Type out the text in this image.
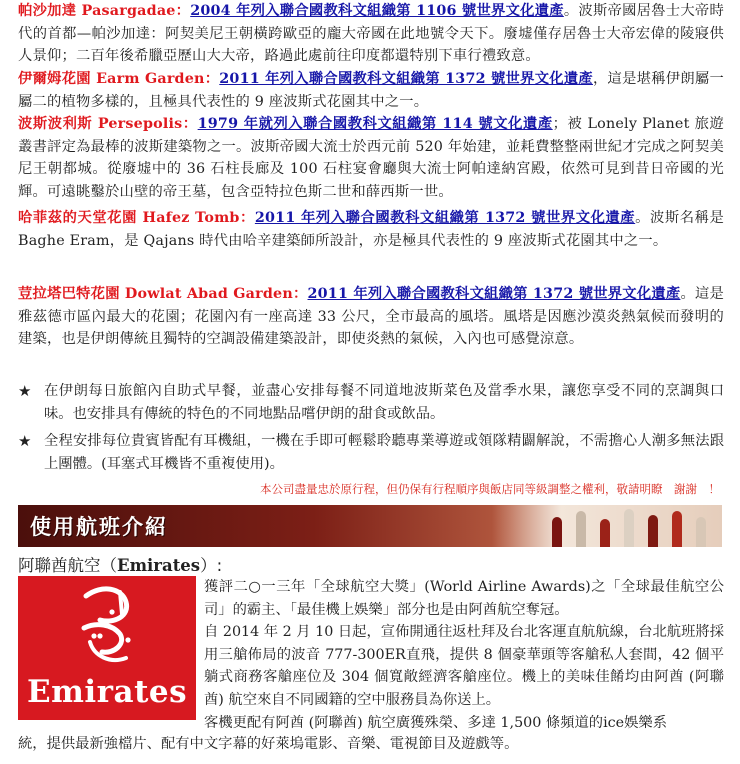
帕沙加達 Pasargadae：2004 年列入聯合國教科文組織第 1106 號世界文化遺產。波斯帝國居魯士大帝時代的首都—帕沙加達：阿契美尼王朝橫跨歐亞的龐大帝國在此地號令天下。廢墟僅存居魯士大帝宏偉的陵寢供人景仰；二百年後希臘亞歷山大大帝，路過此處前往印度都還特別下車行禮致意。

伊爾姆花園 Earm Garden：2011 年列入聯合國教科文組織第 1372 號世界文化遺產，這是堪稱伊朗屬一屬二的植物多樣的，且極具代表性的 9 座波斯式花園其中之一。

波斯波利斯 Persepolis：1979 年就列入聯合國教科文組織第 114 號文化遺產；被 Lonely Planet 旅遊叢書評定為最棒的波斯建築物之一。波斯帝國大流士於西元前 520 年始建，並耗費整整兩世紀才完成之阿契美尼王朝都城。從廢墟中的 36 石柱長廊及 100 石柱宴會廳與大流士阿帕達納宮殿，依然可見到昔日帝國的光輝。可遠眺鑿於山壁的帝王墓，包含亞特拉色斯二世和薛西斯一世。

哈菲茲的天堂花園 Hafez Tomb：2011 年列入聯合國教科文組織第 1372 號世界文化遺產。波斯名稱是 Baghe Eram，是 Qajans 時代由哈辛建築師所設計，亦是極具代表性的 9 座波斯式花園其中之一。

荳拉塔巴特花園 Dowlat Abad Garden：2011 年列入聯合國教科文組織第 1372 號世界文化遺產。這是雅茲德市區內最大的花園；花園內有一座高達 33 公尺，全市最高的風塔。風塔是因應沙漠炎熱氣候而發明的建築，也是伊朗傳統且獨特的空調設備建築設計，即使炎熱的氣候，入內也可感覺涼意。

★ 在伊朗每日旅館內自助式早餐，並盡心安排每餐不同道地波斯菜色及當季水果，讓您享受不同的烹調與口味。也安排具有傳統的特色的不同地點品嚐伊朗的甜食或飲品。
★ 全程安排每位貴賓皆配有耳機組，一機在手即可輕鬆聆聽專業導遊或領隊精闢解說，不需擔心人潮多無法跟上團體。(耳塞式耳機皆不重複使用)。
本公司盡量忠於原行程，但仍保有行程順序與飯店同等級調整之權利，敬請明瞭　謝謝　！
使用航班介紹
阿聯酋航空（Emirates）:
Emirates
獲評二○一三年「全球航空大獎」(World Airline Awards)之「全球最佳航空公司」的霸主、「最佳機上娛樂」部分也是由阿酋航空奪冠。
自 2014 年 2 月 10 日起，宣佈開通往返杜拜及台北客運直航航線，台北航班將採用三艙佈局的波音 777-300ER直飛，提供 8 個豪華頭等客艙私人套間，42 個平躺式商務客艙座位及 304 個寬敞經濟客艙座位。機上的美味佳餚均由阿酋 (阿聯酋) 航空來自不同國籍的空中服務員為你送上。
客機更配有阿酋 (阿聯酋) 航空廣獲殊榮、多達 1,500 條頻道的ice娛樂系

統，提供最新強檔片、配有中文字幕的好萊塢電影、音樂、電視節目及遊戲等。
